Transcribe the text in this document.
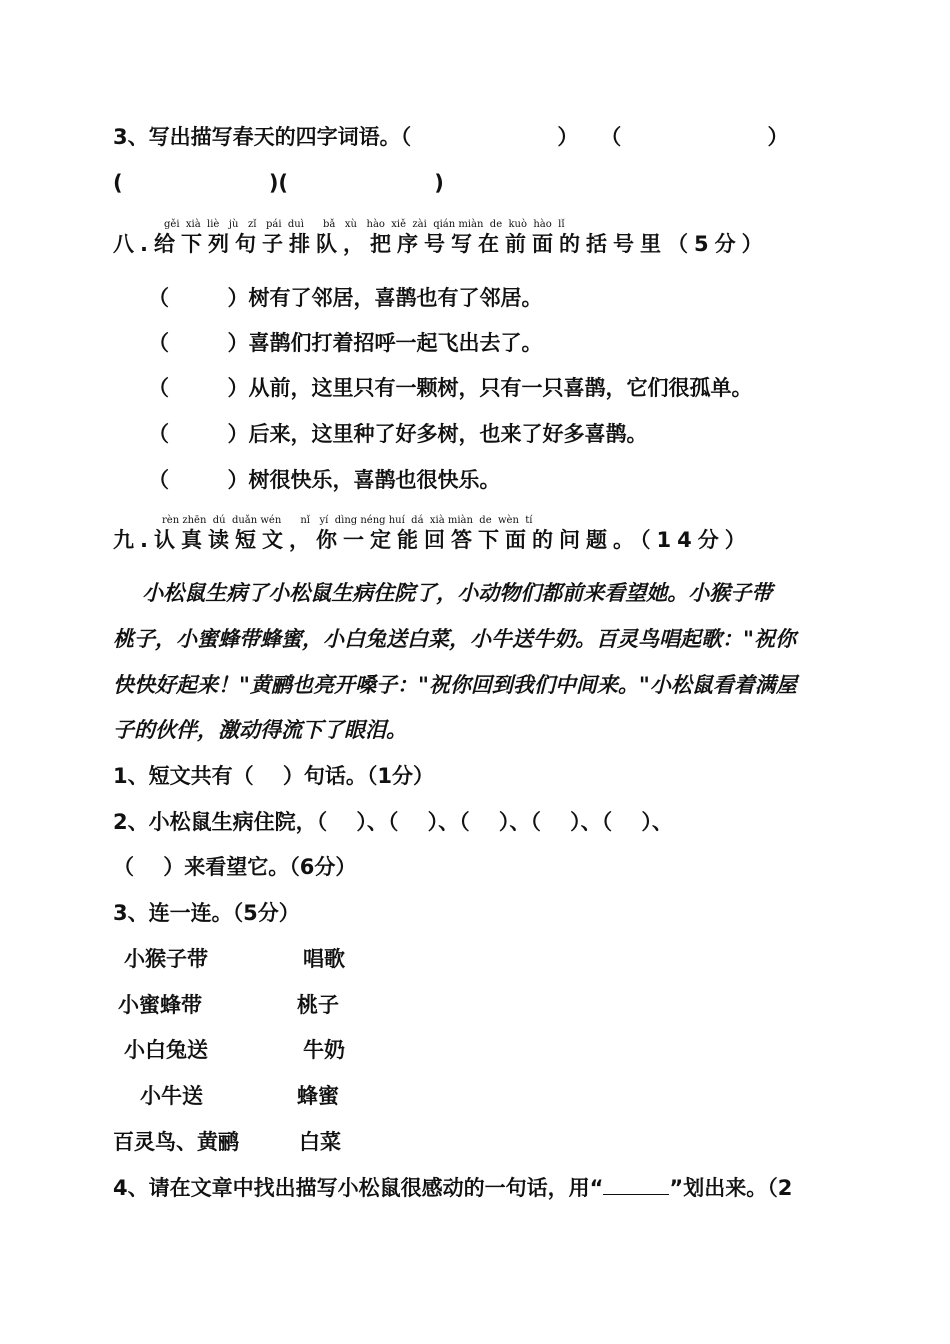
3、写出描写春天的四字词语。（                    ）   （                    ）
(                    )(                    )
gěi  xià  liè   jù   zǐ   pái  duì      bǎ   xù   hào  xiě  zài  qián miàn  de  kuò  hào  lǐ
八.给下列句子排队，把序号写在前面的括号里（5分）
（        ）树有了邻居，喜鹊也有了邻居。
（        ）喜鹊们打着招呼一起飞出去了。
（        ）从前，这里只有一颗树，只有一只喜鹊，它们很孤单。
（        ）后来，这里种了好多树，也来了好多喜鹊。
（        ）树很快乐，喜鹊也很快乐。
rèn zhēn  dú  duǎn wén      nǐ   yí  dìng néng huí  dá  xià miàn  de  wèn  tí
九.认真读短文，你一定能回答下面的问题。（14分）
小松鼠生病了小松鼠生病住院了，小动物们都前来看望她。小猴子带
桃子，小蜜蜂带蜂蜜，小白兔送白菜，小牛送牛奶。百灵鸟唱起歌："祝你
快快好起来！"黄鹂也亮开嗓子："祝你回到我们中间来。"小松鼠看着满屋
子的伙伴，激动得流下了眼泪。
1、短文共有（    ）句话。（1分）
2、小松鼠生病住院，（    ）、（    ）、（    ）、（    ）、（    ）、
（    ）来看望它。（6分）
3、连一连。（5分）
小猴子带
小蜜蜂带
小白兔送
小牛送
百灵鸟、黄鹂
唱歌
桃子
牛奶
蜂蜜
白菜
4、请在文章中找出描写小松鼠很感动的一句话，用“	”划出来。（2
